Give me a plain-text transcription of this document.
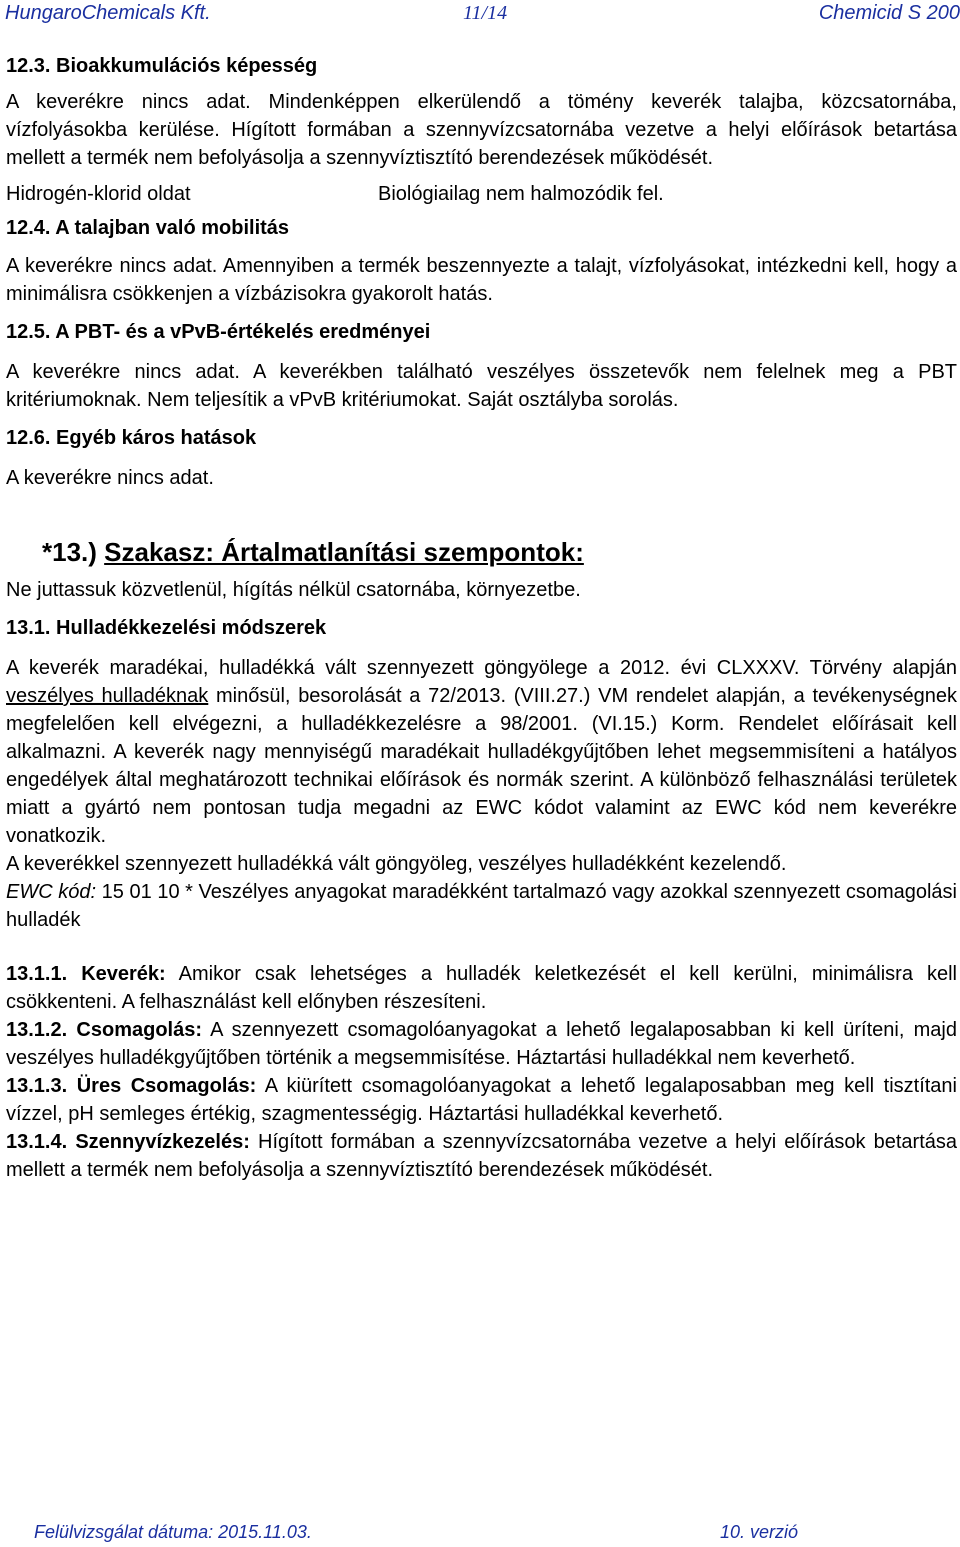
HungaroChemicals Kft.	11/14	Chemicid S 200

12.3. Bioakkumulációs képesség

A keverékre nincs adat. Mindenképpen elkerülendő a tömény keverék talajba, közcsatornába, vízfolyásokba kerülése. Hígított formában a szennyvízcsatornába vezetve a helyi előírások betartása mellett a termék nem befolyásolja a szennyvíztisztító berendezések működését.

Hidrogén-klorid oldat	Biológiailag nem halmozódik fel.

12.4. A talajban való mobilitás

A keverékre nincs adat. Amennyiben a termék beszennyezte a talajt, vízfolyásokat, intézkedni kell, hogy a minimálisra csökkenjen a vízbázisokra gyakorolt hatás.

12.5. A PBT- és a vPvB-értékelés eredményei

A keverékre nincs adat. A keverékben található veszélyes összetevők nem felelnek meg a PBT kritériumoknak. Nem teljesítik a vPvB kritériumokat. Saját osztályba sorolás.

12.6. Egyéb káros hatások

A keverékre nincs adat.

*13.) Szakasz: Ártalmatlanítási szempontok:

Ne juttassuk közvetlenül, hígítás nélkül csatornába, környezetbe.

13.1. Hulladékkezelési módszerek

A keverék maradékai, hulladékká vált szennyezett göngyölege a 2012. évi CLXXXV. Törvény alapján veszélyes hulladéknak minősül, besorolását a 72/2013. (VIII.27.) VM rendelet alapján, a tevékenységnek megfelelően kell elvégezni, a hulladékkezelésre a 98/2001. (VI.15.) Korm. Rendelet előírásait kell alkalmazni. A keverék nagy mennyiségű maradékait hulladékgyűjtőben lehet megsemmisíteni a hatályos engedélyek által meghatározott technikai előírások és normák szerint. A különböző felhasználási területek miatt a gyártó nem pontosan tudja megadni az EWC kódot valamint az EWC kód nem keverékre vonatkozik.

A keverékkel szennyezett hulladékká vált göngyöleg, veszélyes hulladékként kezelendő.

EWC kód: 15 01 10 * Veszélyes anyagokat maradékként tartalmazó vagy azokkal szennyezett csomagolási hulladék

13.1.1. Keverék: Amikor csak lehetséges a hulladék keletkezését el kell kerülni, minimálisra kell csökkenteni. A felhasználást kell előnyben részesíteni.

13.1.2. Csomagolás: A szennyezett csomagolóanyagokat a lehető legalaposabban ki kell üríteni, majd veszélyes hulladékgyűjtőben történik a megsemmisítése. Háztartási hulladékkal nem keverhető.

13.1.3. Üres Csomagolás: A kiürített csomagolóanyagokat a lehető legalaposabban meg kell tisztítani vízzel, pH semleges értékig, szagmentességig. Háztartási hulladékkal keverhető.

13.1.4. Szennyvízkezelés: Hígított formában a szennyvízcsatornába vezetve a helyi előírások betartása mellett a termék nem befolyásolja a szennyvíztisztító berendezések működését.

Felülvizsgálat dátuma: 2015.11.03.	10. verzió
